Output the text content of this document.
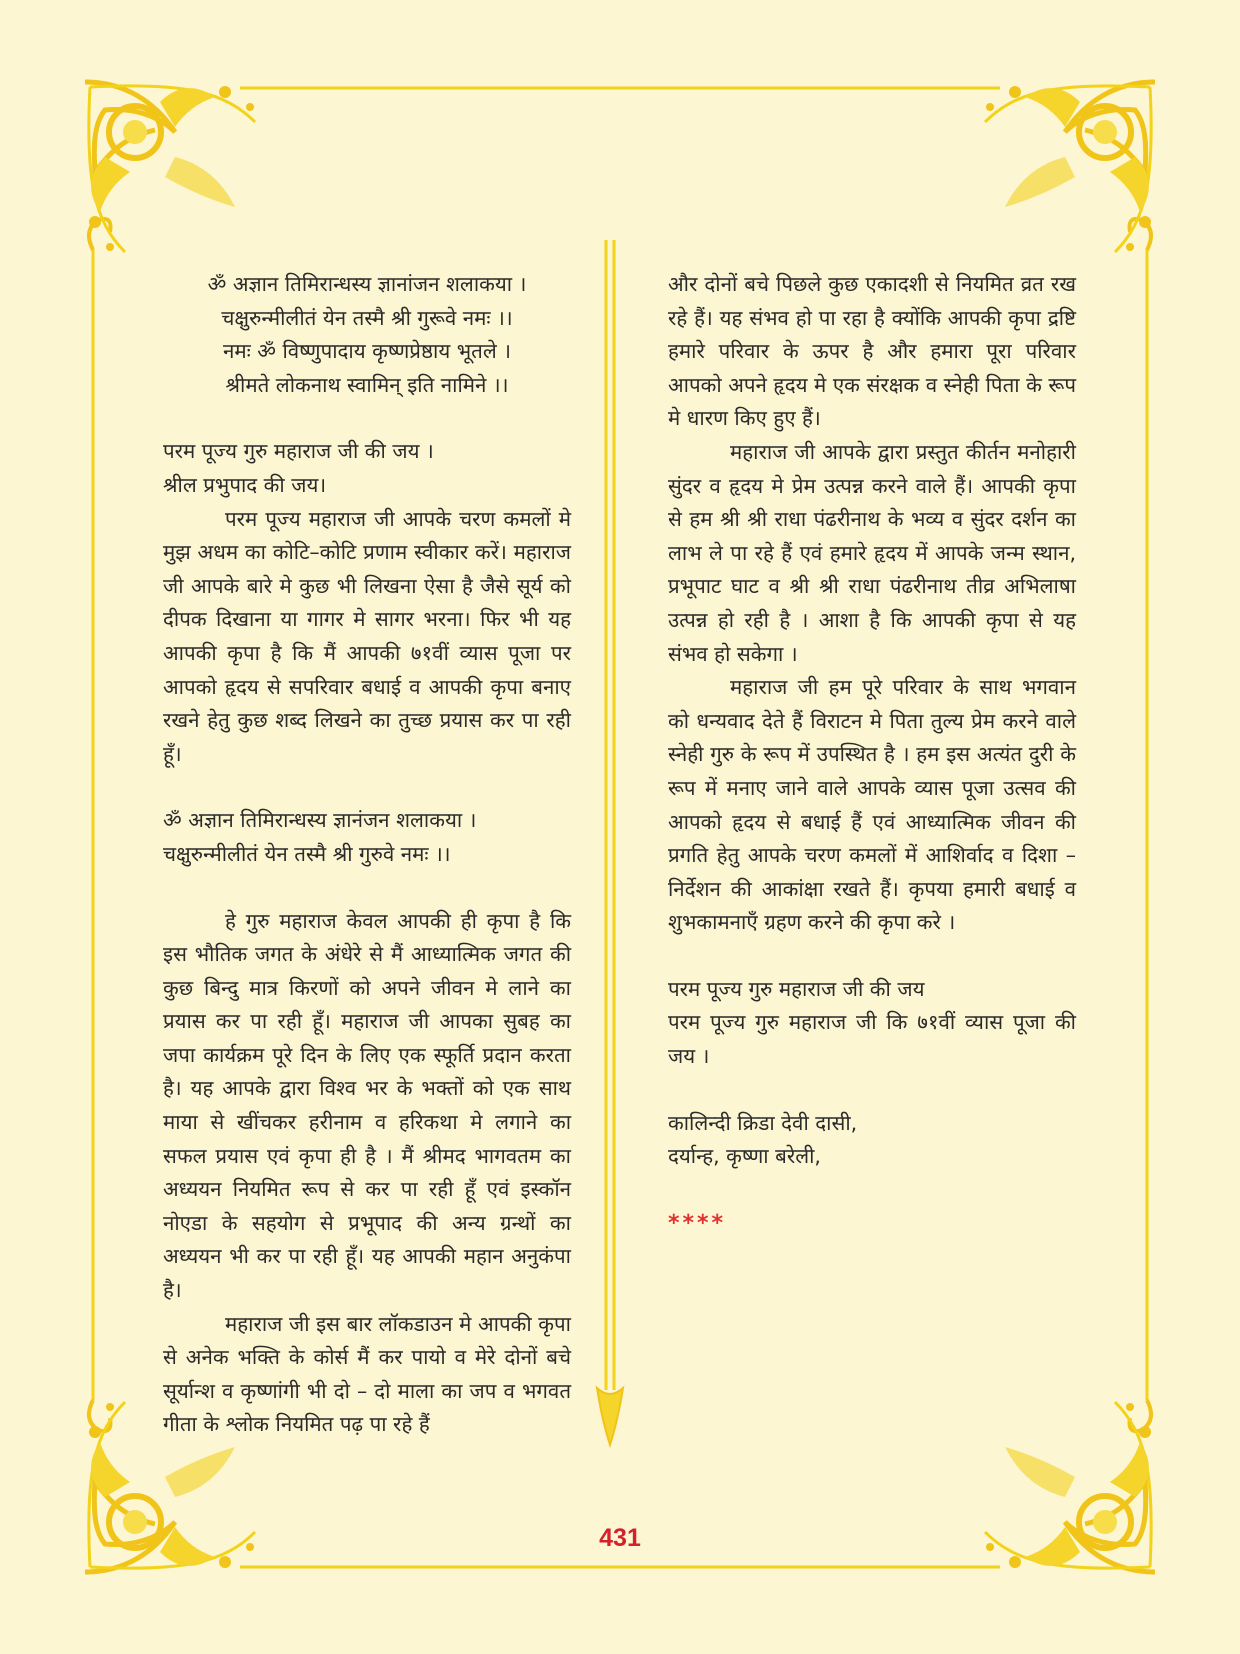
ॐ अज्ञान तिमिरान्धस्य ज्ञानांजन शलाकया ।

चक्षुरुन्मीलीतं येन तस्मै श्री गुरूवे नमः ।।

नमः ॐ विष्णुपादाय कृष्णप्रेष्ठाय भूतले ।

श्रीमते लोकनाथ स्वामिन् इति नामिने ।।

परम पूज्य गुरु महाराज जी की जय ।

श्रील प्रभुपाद की जय।

परम पूज्य महाराज जी आपके चरण कमलों मे मुझ अधम का कोटि–कोटि प्रणाम स्वीकार करें। महाराज जी आपके बारे मे कुछ भी लिखना ऐसा है जैसे सूर्य को दीपक दिखाना या गागर मे सागर भरना। फिर भी यह आपकी कृपा है कि मैं आपकी ७१वीं व्यास पूजा पर आपको हृदय से सपरिवार बधाई व आपकी कृपा बनाए रखने हेतु कुछ शब्द लिखने का तुच्छ प्रयास कर पा रही हूँ।

ॐ अज्ञान तिमिरान्धस्य ज्ञानंजन शलाकया ।

चक्षुरुन्मीलीतं येन तस्मै श्री गुरुवे नमः ।।

हे गुरु महाराज केवल आपकी ही कृपा है कि इस भौतिक जगत के अंधेरे से मैं आध्यात्मिक जगत की कुछ बिन्दु मात्र किरणों को अपने जीवन मे लाने का प्रयास कर पा रही हूँ। महाराज जी आपका सुबह का जपा कार्यक्रम पूरे दिन के लिए एक स्फूर्ति प्रदान करता है। यह आपके द्वारा विश्व भर के भक्तों को एक साथ माया से खींचकर हरीनाम व हरिकथा मे लगाने का सफल प्रयास एवं कृपा ही है । मैं श्रीमद भागवतम का अध्ययन नियमित रूप से कर पा रही हूँ एवं इस्कॉन नोएडा के सहयोग से प्रभूपाद की अन्य ग्रन्थों का अध्ययन भी कर पा रही हूँ। यह आपकी महान अनुकंपा है।

महाराज जी इस बार लॉकडाउन मे आपकी कृपा से अनेक भक्ति के कोर्स मैं कर पायो व मेरे दोनों बचे सूर्यान्श व कृष्णांगी भी दो – दो माला का जप व भगवत गीता के श्लोक नियमित पढ़ पा रहे हैं

और दोनों बचे पिछले कुछ एकादशी से नियमित व्रत रख रहे हैं। यह संभव हो पा रहा है क्योंकि आपकी कृपा द्रष्टि हमारे परिवार के ऊपर है और हमारा पूरा परिवार आपको अपने हृदय मे एक संरक्षक व स्नेही पिता के रूप मे धारण किए हुए हैं।

महाराज जी आपके द्वारा प्रस्तुत कीर्तन मनोहारी सुंदर व हृदय मे प्रेम उत्पन्न करने वाले हैं। आपकी कृपा से हम श्री श्री राधा पंढरीनाथ के भव्य व सुंदर दर्शन का लाभ ले पा रहे हैं एवं हमारे हृदय में आपके जन्म स्थान, प्रभूपाट घाट व श्री श्री राधा पंढरीनाथ तीव्र अभिलाषा उत्पन्न हो रही है । आशा है कि आपकी कृपा से यह संभव हो सकेगा ।

महाराज जी हम पूरे परिवार के साथ भगवान को धन्यवाद देते हैं विराटन मे पिता तुल्य प्रेम करने वाले स्नेही गुरु के रूप में उपस्थित है । हम इस अत्यंत दुरी के रूप में मनाए जाने वाले आपके व्यास पूजा उत्सव की आपको हृदय से बधाई हैं एवं आध्यात्मिक जीवन की प्रगति हेतु आपके चरण कमलों में आशिर्वाद व दिशा – निर्देशन की आकांक्षा रखते हैं। कृपया हमारी बधाई व शुभकामनाएँ ग्रहण करने की कृपा करे ।

परम पूज्य गुरु महाराज जी की जय

परम पूज्य गुरु महाराज जी कि ७१वीं व्यास पूजा की जय ।

कालिन्दी क्रिडा देवी दासी,

दर्यान्ह, कृष्णा बरेली,

****

431
